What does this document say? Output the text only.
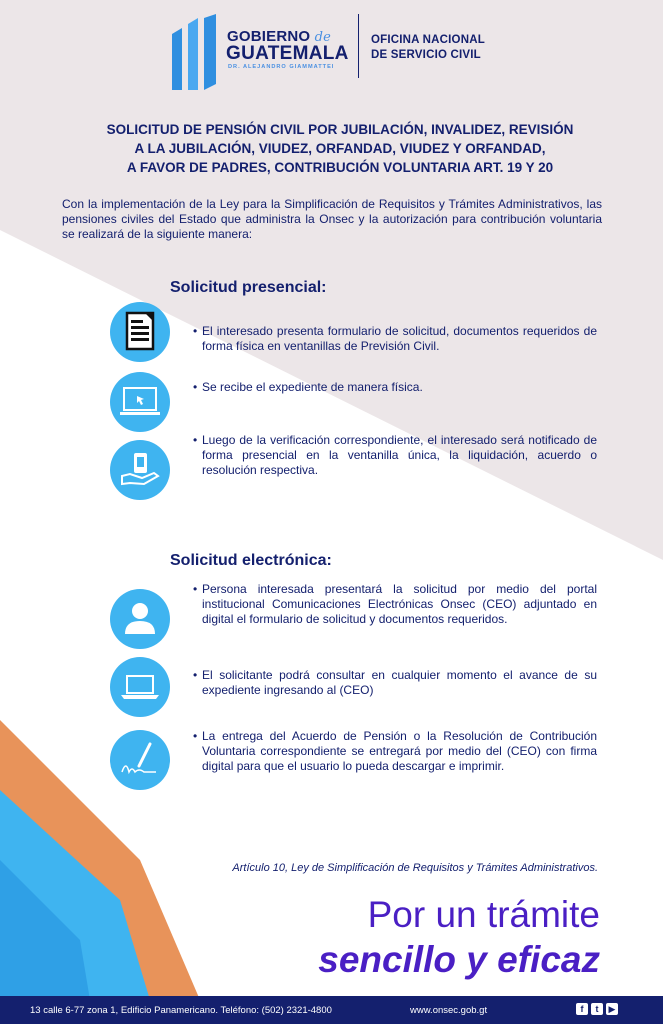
GOBIERNO de
GUATEMALA
DR. ALEJANDRO GIAMMATTEI
OFICINA NACIONAL
DE SERVICIO CIVIL
SOLICITUD DE PENSIÓN CIVIL POR JUBILACIÓN, INVALIDEZ, REVISIÓN
A LA JUBILACIÓN, VIUDEZ, ORFANDAD, VIUDEZ Y ORFANDAD,
A FAVOR DE PADRES, CONTRIBUCIÓN VOLUNTARIA ART. 19 Y 20
Con la implementación de la Ley para la Simplificación de Requisitos y Trámites Administrativos, las pensiones civiles del Estado que administra la Onsec y la autorización para contribución voluntaria se realizará de la siguiente manera:
Solicitud presencial:
• El interesado presenta formulario de solicitud, documentos requeridos de forma física en ventanillas de Previsión Civil.
• Se recibe el expediente de manera física.
• Luego de la verificación correspondiente, el interesado será notificado de forma presencial en la ventanilla única, la liquidación, acuerdo o resolución respectiva.
Solicitud electrónica:
• Persona interesada presentará la solicitud por medio del portal institucional Comunicaciones Electrónicas Onsec (CEO) adjuntado en digital el formulario de solicitud y documentos requeridos.
• El solicitante podrá consultar en cualquier momento el avance de su expediente ingresando al (CEO)
• La entrega del Acuerdo de Pensión o la Resolución de Contribución Voluntaria correspondiente se entregará por medio del (CEO) con firma digital para que el usuario lo pueda descargar e imprimir.
Artículo 10, Ley de Simplificación de Requisitos y Trámites Administrativos.
Por un trámite
sencillo y eficaz
13 calle 6-77 zona 1, Edificio Panamericano. Teléfono: (502) 2321-4800	www.onsec.gob.gt	f	t	▶
